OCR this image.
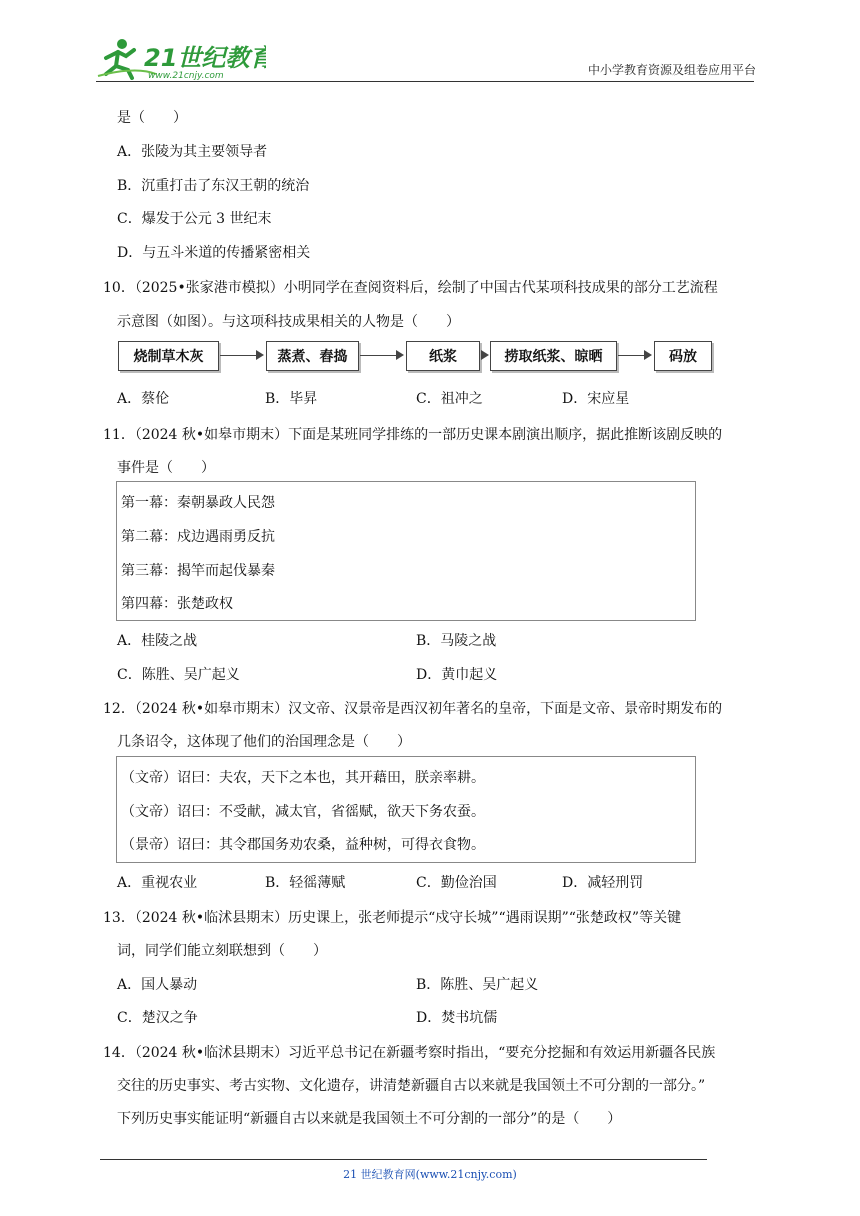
21世纪教育
www.21cnjy.com	中小学教育资源及组卷应用平台
是（　　）
A．张陵为其主要领导者
B．沉重打击了东汉王朝的统治
C．爆发于公元 3 世纪末
D．与五斗米道的传播紧密相关
10．（2025•张家港市模拟）小明同学在查阅资料后，绘制了中国古代某项科技成果的部分工艺流程
示意图（如图）。与这项科技成果相关的人物是（　　）
烧制草木灰	蒸煮、舂捣	纸浆	捞取纸浆、晾晒	码放
A．蔡伦	B．毕昇	C．祖冲之	D．宋应星
11．（2024 秋•如皋市期末）下面是某班同学排练的一部历史课本剧演出顺序，据此推断该剧反映的
事件是（　　）
第一幕：秦朝暴政人民怨
第二幕：戍边遇雨勇反抗
第三幕：揭竿而起伐暴秦
第四幕：张楚政权
A．桂陵之战	B．马陵之战
C．陈胜、吴广起义	D．黄巾起义
12．（2024 秋•如皋市期末）汉文帝、汉景帝是西汉初年著名的皇帝，下面是文帝、景帝时期发布的
几条诏令，这体现了他们的治国理念是（　　）
（文帝）诏曰：夫农，天下之本也，其开藉田，朕亲率耕。
（文帝）诏曰：不受献，减太官，省徭赋，欲天下务农蚕。
（景帝）诏曰：其令郡国务劝农桑，益种树，可得衣食物。
A．重视农业	B．轻徭薄赋	C．勤俭治国	D．减轻刑罚
13．（2024 秋•临沭县期末）历史课上，张老师提示“戍守长城”“遇雨误期”“张楚政权”等关键
词，同学们能立刻联想到（　　）
A．国人暴动	B．陈胜、吴广起义
C．楚汉之争	D．焚书坑儒
14．（2024 秋•临沭县期末）习近平总书记在新疆考察时指出，“要充分挖掘和有效运用新疆各民族
交往的历史事实、考古实物、文化遗存，讲清楚新疆自古以来就是我国领土不可分割的一部分。”
下列历史事实能证明“新疆自古以来就是我国领土不可分割的一部分”的是（　　）
21 世纪教育网(www.21cnjy.com)
